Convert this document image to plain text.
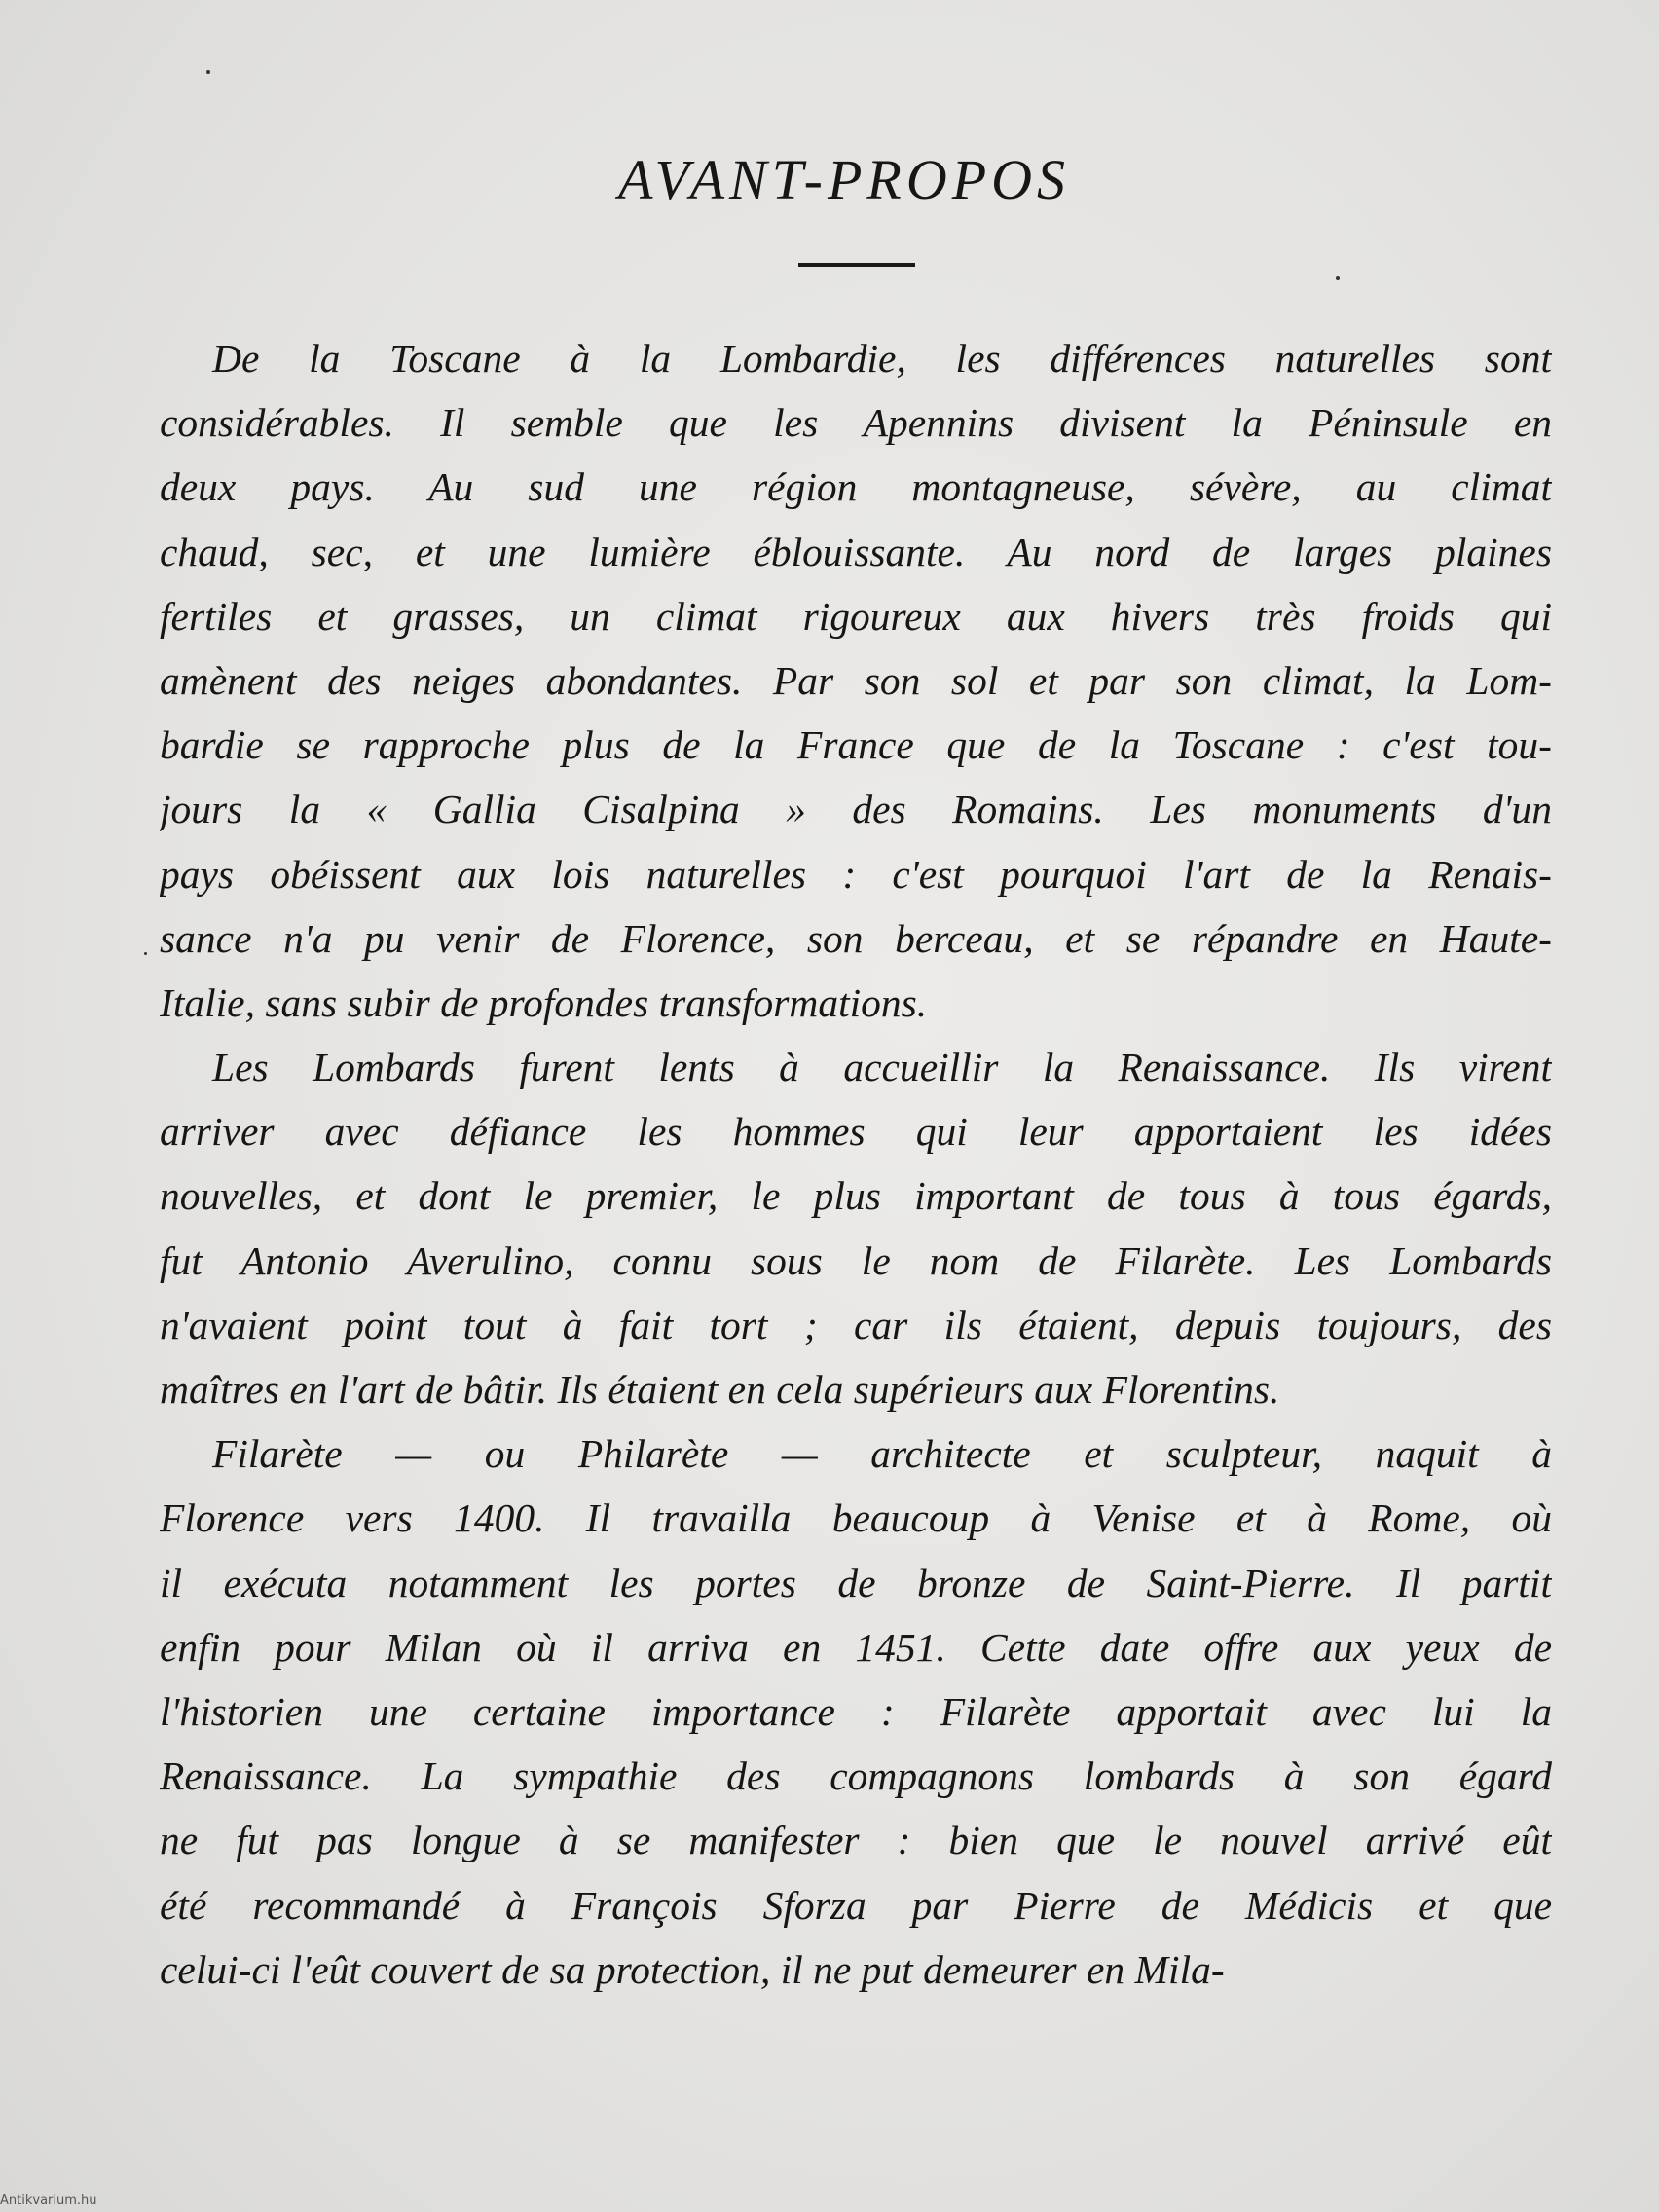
AVANT-PROPOS
De la Toscane à la Lombardie, les différences naturelles sont
considérables. Il semble que les Apennins divisent la Péninsule en
deux pays. Au sud une région montagneuse, sévère, au climat
chaud, sec, et une lumière éblouissante. Au nord de larges plaines
fertiles et grasses, un climat rigoureux aux hivers très froids qui
amènent des neiges abondantes. Par son sol et par son climat, la Lom-
bardie se rapproche plus de la France que de la Toscane : c'est tou-
jours la « Gallia Cisalpina » des Romains. Les monuments d'un
pays obéissent aux lois naturelles : c'est pourquoi l'art de la Renais-
sance n'a pu venir de Florence, son berceau, et se répandre en Haute-
Italie, sans subir de profondes transformations.
Les Lombards furent lents à accueillir la Renaissance. Ils virent
arriver avec défiance les hommes qui leur apportaient les idées
nouvelles, et dont le premier, le plus important de tous à tous égards,
fut Antonio Averulino, connu sous le nom de Filarète. Les Lombards
n'avaient point tout à fait tort ; car ils étaient, depuis toujours, des
maîtres en l'art de bâtir. Ils étaient en cela supérieurs aux Florentins.
Filarète — ou Philarète — architecte et sculpteur, naquit à
Florence vers 1400. Il travailla beaucoup à Venise et à Rome, où
il exécuta notamment les portes de bronze de Saint-Pierre. Il partit
enfin pour Milan où il arriva en 1451. Cette date offre aux yeux de
l'historien une certaine importance : Filarète apportait avec lui la
Renaissance. La sympathie des compagnons lombards à son égard
ne fut pas longue à se manifester : bien que le nouvel arrivé eût
été recommandé à François Sforza par Pierre de Médicis et que
celui-ci l'eût couvert de sa protection, il ne put demeurer en Mila-
Antikvarium.hu
